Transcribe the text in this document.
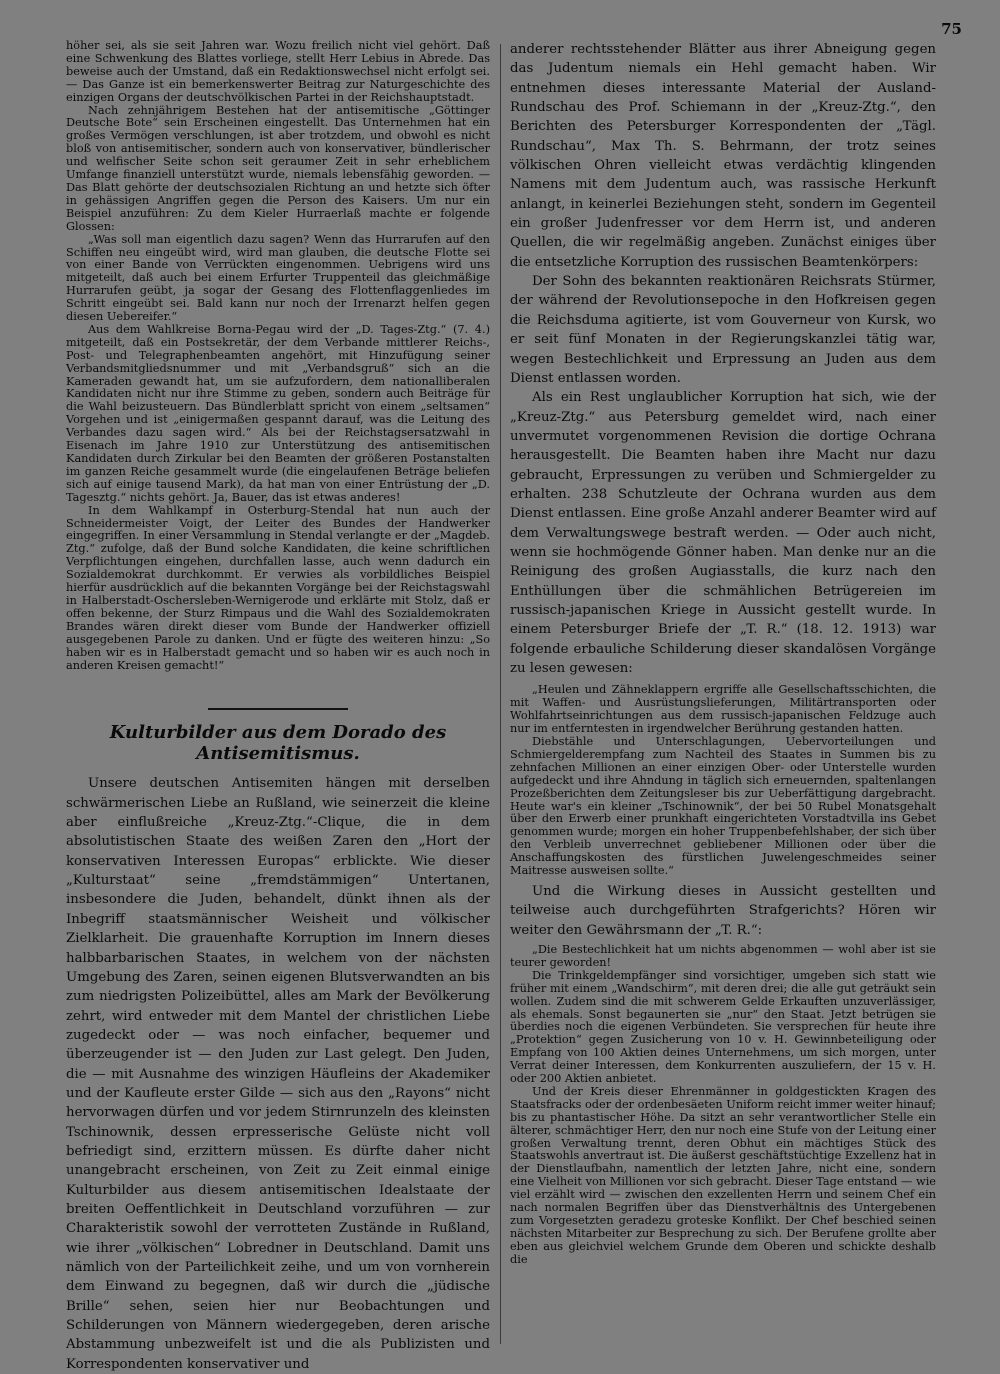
75

höher sei, als sie seit Jahren war. Wozu freilich nicht viel gehört. Daß eine Schwenkung des Blattes vorliege, stellt Herr Lebius in Abrede. Das beweise auch der Umstand, daß ein Redaktionswechsel nicht erfolgt sei. — Das Ganze ist ein bemerkenswerter Beitrag zur Naturgeschichte des einzigen Organs der deutschvölkischen Partei in der Reichshauptstadt.

Nach zehnjährigem Bestehen hat der antisemitische „Göttinger Deutsche Bote“ sein Erscheinen eingestellt. Das Unternehmen hat ein großes Vermögen verschlungen, ist aber trotzdem, und obwohl es nicht bloß von antisemitischer, sondern auch von konservativer, bündlerischer und welfischer Seite schon seit geraumer Zeit in sehr erheblichem Umfange finanziell unterstützt wurde, niemals lebensfähig geworden. — Das Blatt gehörte der deutschsozialen Richtung an und hetzte sich öfter in gehässigen Angriffen gegen die Person des Kaisers. Um nur ein Beispiel anzuführen: Zu dem Kieler Hurraerlaß machte er folgende Glossen:

„Was soll man eigentlich dazu sagen? Wenn das Hurrarufen auf den Schiffen neu eingeübt wird, wird man glauben, die deutsche Flotte sei von einer Bande von Verrückten eingenommen. Uebrigens wird uns mitgeteilt, daß auch bei einem Erfurter Truppenteil das gleichmäßige Hurrarufen geübt, ja sogar der Gesang des Flottenflaggenliedes im Schritt eingeübt sei. Bald kann nur noch der Irrenarzt helfen gegen diesen Uebereifer.“

Aus dem Wahlkreise Borna-Pegau wird der „D. Tages-Ztg.“ (7. 4.) mitgeteilt, daß ein Postsekretär, der dem Verbande mittlerer Reichs-, Post- und Telegraphenbeamten angehört, mit Hinzufügung seiner Verbandsmitgliedsnummer und mit „Verbandsgruß“ sich an die Kameraden gewandt hat, um sie aufzufordern, dem nationalliberalen Kandidaten nicht nur ihre Stimme zu geben, sondern auch Beiträge für die Wahl beizusteuern. Das Bündlerblatt spricht von einem „seltsamen“ Vorgehen und ist „einigermaßen gespannt darauf, was die Leitung des Verbandes dazu sagen wird.“ Als bei der Reichstagsersatzwahl in Eisenach im Jahre 1910 zur Unterstützung des antisemitischen Kandidaten durch Zirkular bei den Beamten der größeren Postanstalten im ganzen Reiche gesammelt wurde (die eingelaufenen Beträge beliefen sich auf einige tausend Mark), da hat man von einer Entrüstung der „D. Tagesztg.“ nichts gehört. Ja, Bauer, das ist etwas anderes!

In dem Wahlkampf in Osterburg-Stendal hat nun auch der Schneidermeister Voigt, der Leiter des Bundes der Handwerker eingegriffen. In einer Versammlung in Stendal verlangte er der „Magdeb. Ztg.“ zufolge, daß der Bund solche Kandidaten, die keine schriftlichen Verpflichtungen eingehen, durchfallen lasse, auch wenn dadurch ein Sozialdemokrat durchkommt. Er verwies als vorbildliches Beispiel hierfür ausdrücklich auf die bekannten Vorgänge bei der Reichstagswahl in Halberstadt-Oschersleben-Wernigerode und erklärte mit Stolz, daß er offen bekenne, der Sturz Rimpaus und die Wahl des Sozialdemokraten Brandes wären direkt dieser vom Bunde der Handwerker offiziell ausgegebenen Parole zu danken. Und er fügte des weiteren hinzu: „So haben wir es in Halberstadt gemacht und so haben wir es auch noch in anderen Kreisen gemacht!“

Kulturbilder aus dem Dorado des Antisemitismus.

Unsere deutschen Antisemiten hängen mit derselben schwärmerischen Liebe an Rußland, wie seinerzeit die kleine aber einflußreiche „Kreuz-Ztg.“-Clique, die in dem absolutistischen Staate des weißen Zaren den „Hort der konservativen Interessen Europas“ erblickte. Wie dieser „Kulturstaat“ seine „fremdstämmigen“ Untertanen, insbesondere die Juden, behandelt, dünkt ihnen als der Inbegriff staatsmännischer Weisheit und völkischer Zielklarheit. Die grauenhafte Korruption im Innern dieses halbbarbarischen Staates, in welchem von der nächsten Umgebung des Zaren, seinen eigenen Blutsverwandten an bis zum niedrigsten Polizeibüttel, alles am Mark der Bevölkerung zehrt, wird entweder mit dem Mantel der christlichen Liebe zugedeckt oder — was noch einfacher, bequemer und überzeugender ist — den Juden zur Last gelegt. Den Juden, die — mit Ausnahme des winzigen Häufleins der Akademiker und der Kaufleute erster Gilde — sich aus den „Rayons“ nicht hervorwagen dürfen und vor jedem Stirnrunzeln des kleinsten Tschinownik, dessen erpresserische Gelüste nicht voll befriedigt sind, erzittern müssen. Es dürfte daher nicht unangebracht erscheinen, von Zeit zu Zeit einmal einige Kulturbilder aus diesem antisemitischen Idealstaate der breiten Oeffentlichkeit in Deutschland vorzuführen — zur Charakteristik sowohl der verrotteten Zustände in Rußland, wie ihrer „völkischen“ Lobredner in Deutschland. Damit uns nämlich von der Parteilichkeit zeihe, und um von vornherein dem Einwand zu begegnen, daß wir durch die „jüdische Brille“ sehen, seien hier nur Beobachtungen und Schilderungen von Männern wiedergegeben, deren arische Abstammung unbezweifelt ist und die als Publizisten und Korrespondenten konservativer und

anderer rechtsstehender Blätter aus ihrer Abneigung gegen das Judentum niemals ein Hehl gemacht haben. Wir entnehmen dieses interessante Material der Ausland-Rundschau des Prof. Schiemann in der „Kreuz-Ztg.“, den Berichten des Petersburger Korrespondenten der „Tägl. Rundschau“, Max Th. S. Behrmann, der trotz seines völkischen Ohren vielleicht etwas verdächtig klingenden Namens mit dem Judentum auch, was rassische Herkunft anlangt, in keinerlei Beziehungen steht, sondern im Gegenteil ein großer Judenfresser vor dem Herrn ist, und anderen Quellen, die wir regelmäßig angeben. Zunächst einiges über die entsetzliche Korruption des russischen Beamtenkörpers:

Der Sohn des bekannten reaktionären Reichsrats Stürmer, der während der Revolutionsepoche in den Hofkreisen gegen die Reichsduma agitierte, ist vom Gouverneur von Kursk, wo er seit fünf Monaten in der Regierungskanzlei tätig war, wegen Bestechlichkeit und Erpressung an Juden aus dem Dienst entlassen worden.

Als ein Rest unglaublicher Korruption hat sich, wie der „Kreuz-Ztg.“ aus Petersburg gemeldet wird, nach einer unvermutet vorgenommenen Revision die dortige Ochrana herausgestellt. Die Beamten haben ihre Macht nur dazu gebraucht, Erpressungen zu verüben und Schmiergelder zu erhalten. 238 Schutzleute der Ochrana wurden aus dem Dienst entlassen. Eine große Anzahl anderer Beamter wird auf dem Verwaltungswege bestraft werden. — Oder auch nicht, wenn sie hochmögende Gönner haben. Man denke nur an die Reinigung des großen Augiasstalls, die kurz nach den Enthüllungen über die schmählichen Betrügereien im russisch-japanischen Kriege in Aussicht gestellt wurde. In einem Petersburger Briefe der „T. R.“ (18. 12. 1913) war folgende erbauliche Schilderung dieser skandalösen Vorgänge zu lesen gewesen:

„Heulen und Zähneklappern ergriffe alle Gesellschaftsschichten, die mit Waffen- und Ausrüstungslieferungen, Militärtransporten oder Wohlfahrtseinrichtungen aus dem russisch-japanischen Feldzuge auch nur im entferntesten in irgendwelcher Berührung gestanden hatten.

Diebstähle und Unterschlagungen, Uebervorteilungen und Schmiergelderempfang zum Nachteil des Staates in Summen bis zu zehnfachen Millionen an einer einzigen Ober- oder Unterstelle wurden aufgedeckt und ihre Ahndung in täglich sich erneuernden, spaltenlangen Prozeßberichten dem Zeitungsleser bis zur Ueberfättigung dargebracht. Heute war's ein kleiner „Tschinownik“, der bei 50 Rubel Monatsgehalt über den Erwerb einer prunkhaft eingerichteten Vorstadtvilla ins Gebet genommen wurde; morgen ein hoher Truppenbefehlshaber, der sich über den Verbleib unverrechnet gebliebener Millionen oder über die Anschaffungskosten des fürstlichen Juwelengeschmeides seiner Maitresse ausweisen sollte.“

Und die Wirkung dieses in Aussicht gestellten und teilweise auch durchgeführten Strafgerichts? Hören wir weiter den Gewährsmann der „T. R.“:

„Die Bestechlichkeit hat um nichts abgenommen — wohl aber ist sie teurer geworden!

Die Trinkgeldempfänger sind vorsichtiger, umgeben sich statt wie früher mit einem „Wandschirm“, mit deren drei; die alle gut geträukt sein wollen. Zudem sind die mit schwerem Gelde Erkauften unzuverlässiger, als ehemals. Sonst begaunerten sie „nur“ den Staat. Jetzt betrügen sie überdies noch die eigenen Verbündeten. Sie versprechen für heute ihre „Protektion“ gegen Zusicherung von 10 v. H. Gewinnbeteiligung oder Empfang von 100 Aktien deines Unternehmens, um sich morgen, unter Verrat deiner Interessen, dem Konkurrenten auszuliefern, der 15 v. H. oder 200 Aktien anbietet.

Und der Kreis dieser Ehrenmänner in goldgestickten Kragen des Staatsfracks oder der ordenbesäeten Uniform reicht immer weiter hinauf; bis zu phantastischer Höhe. Da sitzt an sehr verantwortlicher Stelle ein älterer, schmächtiger Herr, den nur noch eine Stufe von der Leitung einer großen Verwaltung trennt, deren Obhut ein mächtiges Stück des Staatswohls anvertraut ist. Die äußerst geschäftstüchtige Exzellenz hat in der Dienstlaufbahn, namentlich der letzten Jahre, nicht eine, sondern eine Vielheit von Millionen vor sich gebracht. Dieser Tage entstand — wie viel erzählt wird — zwischen den exzellenten Herrn und seinem Chef ein nach normalen Begriffen über das Dienstverhältnis des Untergebenen zum Vorgesetzten geradezu groteske Konflikt. Der Chef beschied seinen nächsten Mitarbeiter zur Besprechung zu sich. Der Berufene grollte aber eben aus gleichviel welchem Grunde dem Oberen und schickte deshalb die
